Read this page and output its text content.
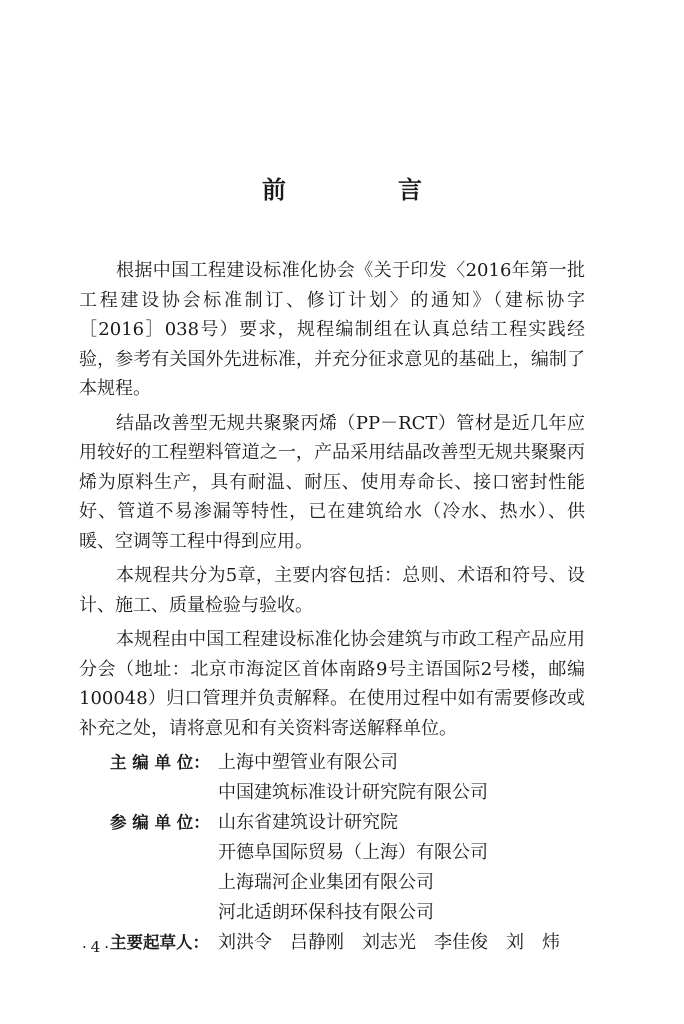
前　言

根据中国工程建设标准化协会《关于印发〈2016年第一批工程建设协会标准制订、修订计划〉的通知》（建标协字［2016］038号）要求，规程编制组在认真总结工程实践经验，参考有关国外先进标准，并充分征求意见的基础上，编制了本规程。

结晶改善型无规共聚聚丙烯（PP－RCT）管材是近几年应用较好的工程塑料管道之一，产品采用结晶改善型无规共聚聚丙烯为原料生产，具有耐温、耐压、使用寿命长、接口密封性能好、管道不易渗漏等特性，已在建筑给水（冷水、热水）、供暖、空调等工程中得到应用。

本规程共分为5章，主要内容包括：总则、术语和符号、设计、施工、质量检验与验收。

本规程由中国工程建设标准化协会建筑与市政工程产品应用分会（地址：北京市海淀区首体南路9号主语国际2号楼，邮编100048）归口管理并负责解释。在使用过程中如有需要修改或补充之处，请将意见和有关资料寄送解释单位。

主 编 单 位： 上海中塑管业有限公司
中国建筑标准设计研究院有限公司
参 编 单 位： 山东省建筑设计研究院
开德阜国际贸易（上海）有限公司
上海瑞河企业集团有限公司
河北适朗环保科技有限公司
主要起草人： 刘洪令　吕静刚　刘志光　李佳俊　刘　炜
·4·
